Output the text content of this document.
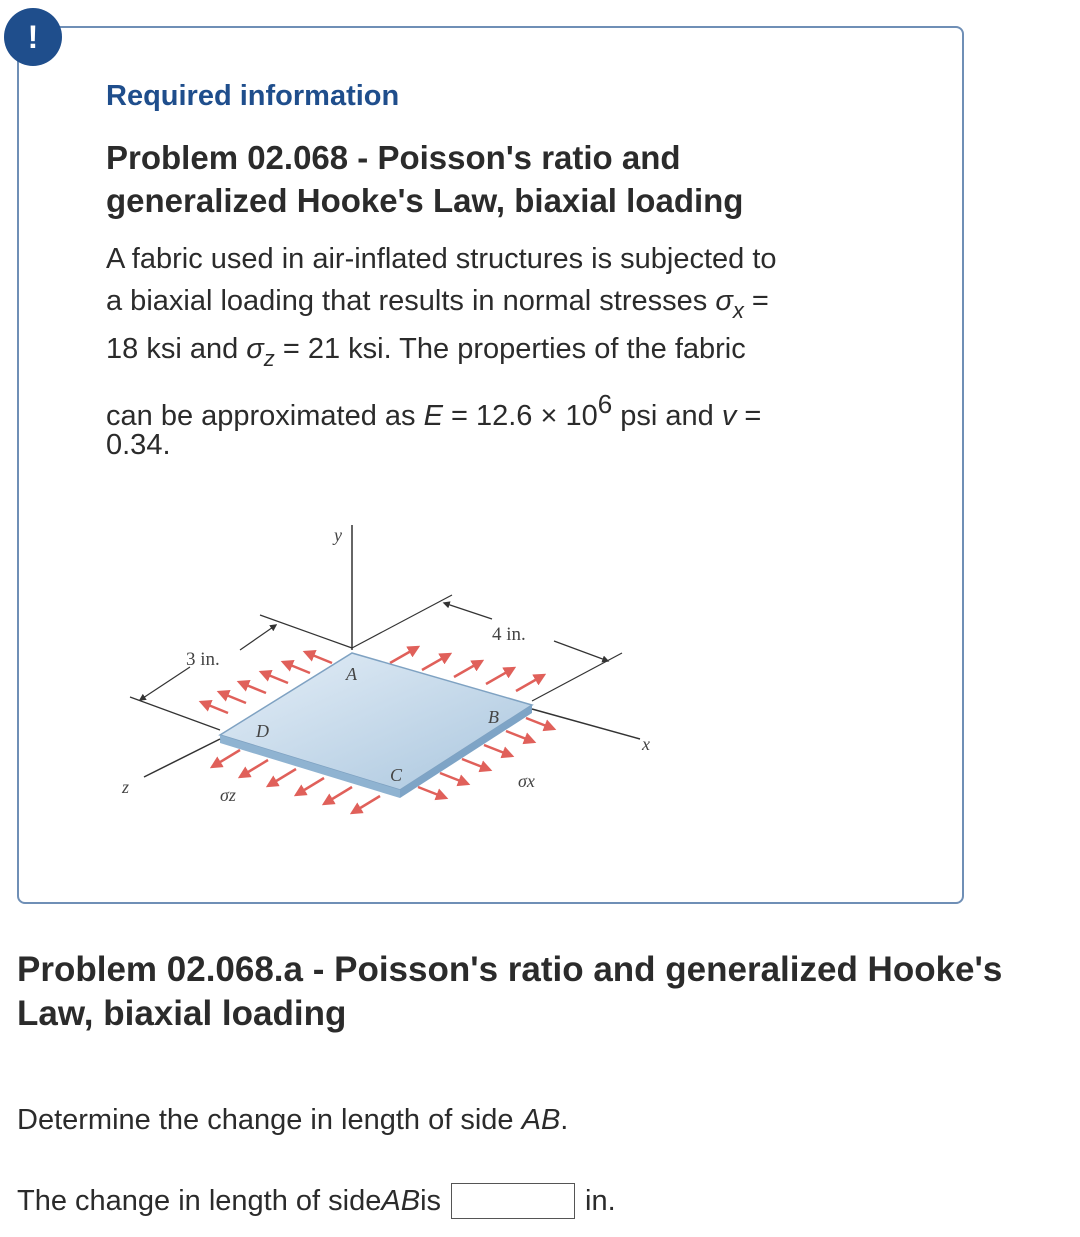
!
Required information
Problem 02.068 - Poisson's ratio and generalized Hooke's Law, biaxial loading
A fabric used in air-inflated structures is subjected to
a biaxial loading that results in normal stresses $\sigma_x$ =
18 ksi and $\sigma_z = 21$ ksi. The properties of the fabric
can be approximated as $E = 12.6 \times 10^6$ psi and v =
0.34.
y
x
z
3 in.
4 in.
A
B
C
D
σx
σz
Problem 02.068.a - Poisson's ratio and generalized Hooke's Law, biaxial loading
Determine the change in length of side AB.
The change in length of side AB is	in.
